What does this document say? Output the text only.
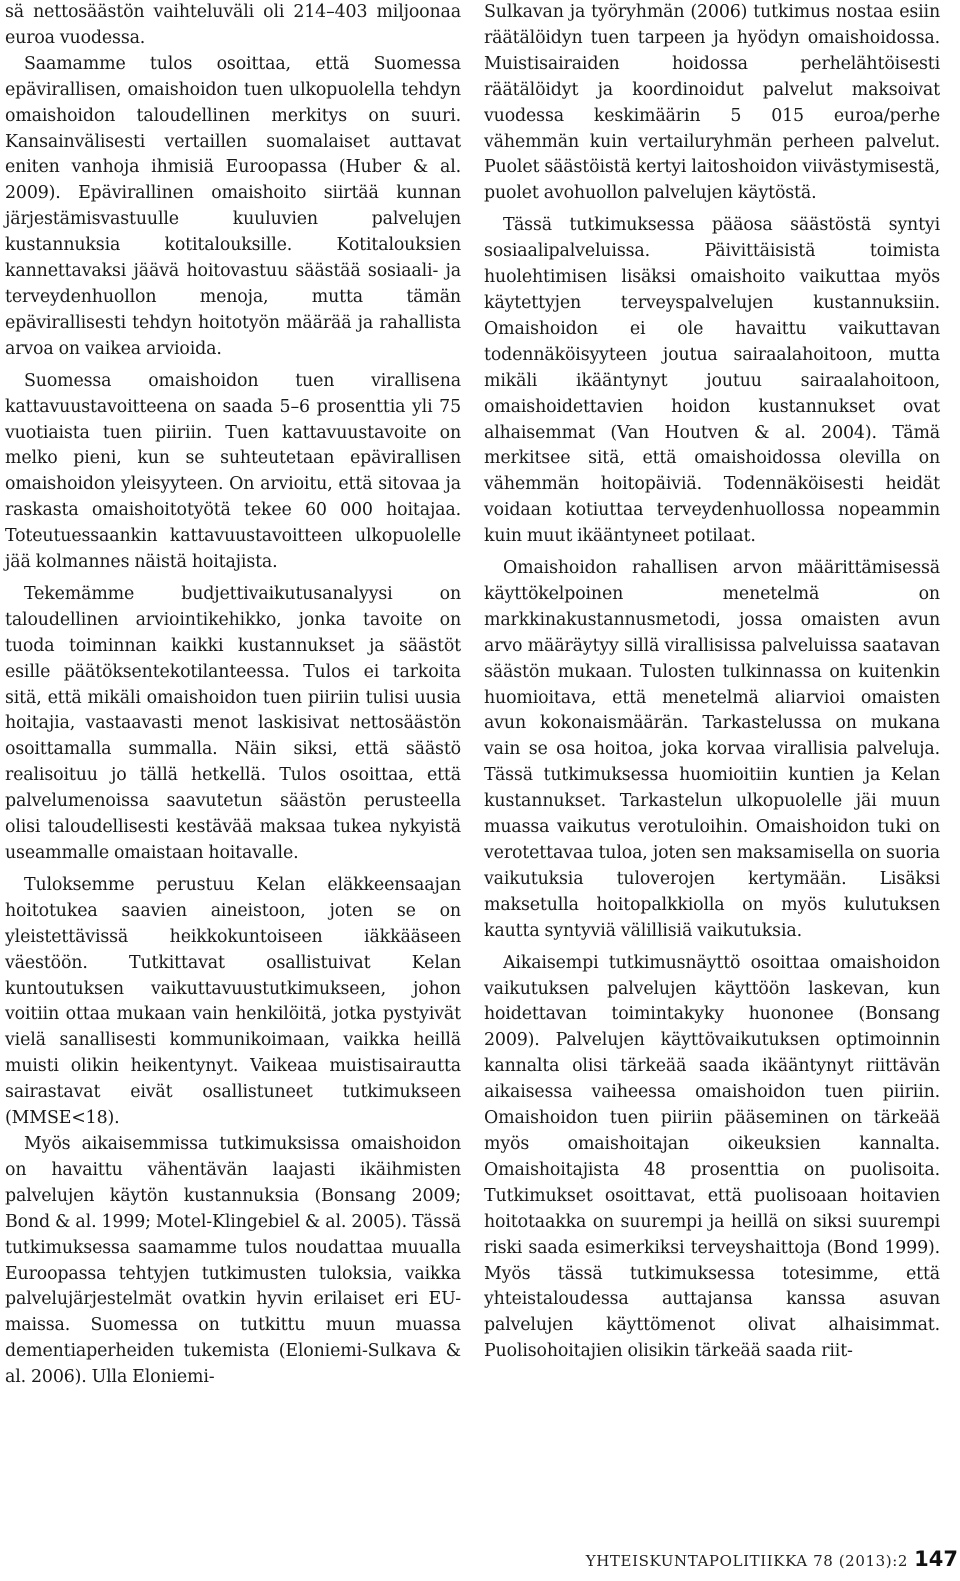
sä nettosäästön vaihteluväli oli 214–403 miljoonaa euroa vuodessa.

Saamamme tulos osoittaa, että Suomessa epävirallisen, omaishoidon tuen ulkopuolella tehdyn omaishoidon taloudellinen merkitys on suuri. Kansainvälisesti vertaillen suomalaiset auttavat eniten vanhoja ihmisiä Euroopassa (Huber & al. 2009). Epävirallinen omaishoito siirtää kunnan järjestämisvastuulle kuuluvien palvelujen kustannuksia kotitalouksille. Kotitalouksien kannettavaksi jäävä hoitovastuu säästää sosiaali- ja terveydenhuollon menoja, mutta tämän epävirallisesti tehdyn hoitotyön määrää ja rahallista arvoa on vaikea arvioida.

Suomessa omaishoidon tuen virallisena kattavuustavoitteena on saada 5–6 prosenttia yli 75 vuotiaista tuen piiriin. Tuen kattavuustavoite on melko pieni, kun se suhteutetaan epävirallisen omaishoidon yleisyyteen. On arvioitu, että sitovaa ja raskasta omaishoitotyötä tekee 60 000 hoitajaa. Toteutuessaankin kattavuustavoitteen ulkopuolelle jää kolmannes näistä hoitajista.

Tekemämme budjettivaikutusanalyysi on taloudellinen arviointikehikko, jonka tavoite on tuoda toiminnan kaikki kustannukset ja säästöt esille päätöksentekotilanteessa. Tulos ei tarkoita sitä, että mikäli omaishoidon tuen piiriin tulisi uusia hoitajia, vastaavasti menot laskisivat nettosäästön osoittamalla summalla. Näin siksi, että säästö realisoituu jo tällä hetkellä. Tulos osoittaa, että palvelumenoissa saavutetun säästön perusteella olisi taloudellisesti kestävää maksaa tukea nykyistä useammalle omaistaan hoitavalle.

Tuloksemme perustuu Kelan eläkkeensaajan hoitotukea saavien aineistoon, joten se on yleistettävissä heikkokuntoiseen iäkkääseen väestöön. Tutkittavat osallistuivat Kelan kuntoutuksen vaikuttavuustutkimukseen, johon voitiin ottaa mukaan vain henkilöitä, jotka pystyivät vielä sanallisesti kommunikoimaan, vaikka heillä muisti olikin heikentynyt. Vaikeaa muistisairautta sairastavat eivät osallistuneet tutkimukseen (MMSE<18).

Myös aikaisemmissa tutkimuksissa omaishoidon on havaittu vähentävän laajasti ikäihmisten palvelujen käytön kustannuksia (Bonsang 2009; Bond & al. 1999; Motel-Klingebiel & al. 2005). Tässä tutkimuksessa saamamme tulos noudattaa muualla Euroopassa tehtyjen tutkimusten tuloksia, vaikka palvelujärjestelmät ovatkin hyvin erilaiset eri EU-maissa. Suomessa on tutkittu muun muassa dementiaperheiden tukemista (Eloniemi-Sulkava & al. 2006). Ulla Eloniemi-

Sulkavan ja työryhmän (2006) tutkimus nostaa esiin räätälöidyn tuen tarpeen ja hyödyn omaishoidossa. Muistisairaiden hoidossa perhelähtöisesti räätälöidyt ja koordinoidut palvelut maksoivat vuodessa keskimäärin 5 015 euroa/perhe vähemmän kuin vertailuryhmän perheen palvelut. Puolet säästöistä kertyi laitoshoidon viivästymisestä, puolet avohuollon palvelujen käytöstä.

Tässä tutkimuksessa pääosa säästöstä syntyi sosiaalipalveluissa. Päivittäisistä toimista huolehtimisen lisäksi omaishoito vaikuttaa myös käytettyjen terveyspalvelujen kustannuksiin. Omaishoidon ei ole havaittu vaikuttavan todennäköisyyteen joutua sairaalahoitoon, mutta mikäli ikääntynyt joutuu sairaalahoitoon, omaishoidettavien hoidon kustannukset ovat alhaisemmat (Van Houtven & al. 2004). Tämä merkitsee sitä, että omaishoidossa olevilla on vähemmän hoitopäiviä. Todennäköisesti heidät voidaan kotiuttaa terveydenhuollossa nopeammin kuin muut ikääntyneet potilaat.

Omaishoidon rahallisen arvon määrittämisessä käyttökelpoinen menetelmä on markkinakustannusmetodi, jossa omaisten avun arvo määräytyy sillä virallisissa palveluissa saatavan säästön mukaan. Tulosten tulkinnassa on kuitenkin huomioitava, että menetelmä aliarvioi omaisten avun kokonaismäärän. Tarkastelussa on mukana vain se osa hoitoa, joka korvaa virallisia palveluja. Tässä tutkimuksessa huomioitiin kuntien ja Kelan kustannukset. Tarkastelun ulkopuolelle jäi muun muassa vaikutus verotuloihin. Omaishoidon tuki on verotettavaa tuloa, joten sen maksamisella on suoria vaikutuksia tuloverojen kertymään. Lisäksi maksetulla hoitopalkkiolla on myös kulutuksen kautta syntyviä välillisiä vaikutuksia.

Aikaisempi tutkimusnäyttö osoittaa omaishoidon vaikutuksen palvelujen käyttöön laskevan, kun hoidettavan toimintakyky huononee (Bonsang 2009). Palvelujen käyttövaikutuksen optimoinnin kannalta olisi tärkeää saada ikääntynyt riittävän aikaisessa vaiheessa omaishoidon tuen piiriin. Omaishoidon tuen piiriin pääseminen on tärkeää myös omaishoitajan oikeuksien kannalta. Omaishoitajista 48 prosenttia on puolisoita. Tutkimukset osoittavat, että puolisoaan hoitavien hoitotaakka on suurempi ja heillä on siksi suurempi riski saada esimerkiksi terveyshaittoja (Bond 1999). Myös tässä tutkimuksessa totesimme, että yhteistaloudessa auttajansa kanssa asuvan palvelujen käyttömenot olivat alhaisimmat. Puolisohoitajien olisikin tärkeää saada riit-

YHTEISKUNTAPOLITIIKKA 78 (2013):2 147
